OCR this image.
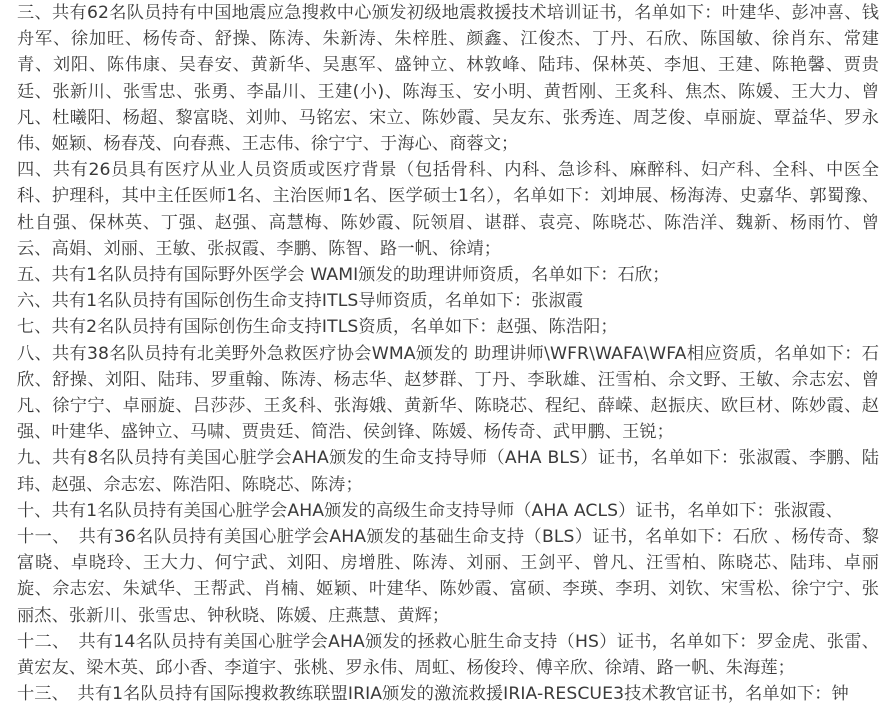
三、共有62名队员持有中国地震应急搜救中心颁发初级地震救援技术培训证书，名单如下：叶建华、彭冲喜、钱舟军、徐加旺、杨传奇、舒操、陈涛、朱新涛、朱梓胜、颜鑫、江俊杰、丁丹、石欣、陈国敏、徐肖东、常建青、刘阳、陈伟康、吴春安、黄新华、吴惠军、盛钟立、林敦峰、陆玮、保林英、李旭、王建、陈艳馨、贾贵廷、张新川、张雪忠、张勇、李晶川、王建(小)、陈海玉、安小明、黄哲刚、王炙科、焦杰、陈媛、王大力、曾凡、杜曦阳、杨超、黎富晓、刘帅、马铭宏、宋立、陈妙霞、吴友东、张秀连、周芝俊、卓丽旋、覃益华、罗永伟、姬颖、杨春茂、向春燕、王志伟、徐宁宁、于海心、商蓉文；

四、共有26员具有医疗从业人员资质或医疗背景（包括骨科、内科、急诊科、麻醉科、妇产科、全科、中医全科、护理科，其中主任医师1名、主治医师1名、医学硕士1名），名单如下：刘坤展、杨海涛、史嘉华、郭蜀豫、杜自强、保林英、丁强、赵强、高慧梅、陈妙霞、阮领眉、谌群、袁亮、陈晓芯、陈浩洋、魏新、杨雨竹、曾云、高娟、刘丽、王敏、张叔霞、李鹏、陈智、路一帆、徐靖；

五、共有1名队员持有国际野外医学会 WAMI颁发的助理讲师资质，名单如下：石欣；

六、共有1名队员持有国际创伤生命支持ITLS导师资质，名单如下：张淑霞

七、共有2名队员持有国际创伤生命支持ITLS资质，名单如下：赵强、陈浩阳；

八、共有38名队员持有北美野外急救医疗协会WMA颁发的 助理讲师\WFR\WAFA\WFA相应资质，名单如下：石欣、舒操、刘阳、陆玮、罗重翰、陈涛、杨志华、赵梦群、丁丹、李耿雄、汪雪柏、佘文野、王敏、佘志宏、曾凡、徐宁宁、卓丽旋、吕莎莎、王炙科、张海娥、黄新华、陈晓芯、程纪、薛嵘、赵振庆、欧巨材、陈妙霞、赵强、叶建华、盛钟立、马啸、贾贵廷、简浩、侯剑锋、陈媛、杨传奇、武甲鹏、王锐；

九、共有8名队员持有美国心脏学会AHA颁发的生命支持导师（AHA BLS）证书，名单如下：张淑霞、李鹏、陆玮、赵强、佘志宏、陈浩阳、陈晓芯、陈涛；

十、共有1名队员持有美国心脏学会AHA颁发的高级生命支持导师（AHA ACLS）证书，名单如下：张淑霞、

十一、　共有36名队员持有美国心脏学会AHA颁发的基础生命支持（BLS）证书，名单如下：石欣 、杨传奇、黎富晓、卓晓玲、王大力、何宁武、刘阳、房增胜、陈涛、刘丽、王剑平、曾凡、汪雪柏、陈晓芯、陆玮、卓丽旋、佘志宏、朱斌华、王帮武、肖楠、姬颖、叶建华、陈妙霞、富硕、李瑛、李玥、刘钦、宋雪松、徐宁宁、张丽杰、张新川、张雪忠、钟秋晓、陈媛、庄燕慧、黄辉；

十二、　共有14名队员持有美国心脏学会AHA颁发的拯救心脏生命支持（HS）证书，名单如下：罗金虎、张雷、黄宏友、梁木英、邱小香、李道宇、张桃、罗永伟、周虹、杨俊玲、傅辛欣、徐靖、路一帆、朱海莲；

十三、　共有1名队员持有国际搜救教练联盟IRIA颁发的激流救援IRIA-RESCUE3技术教官证书，名单如下：钟
